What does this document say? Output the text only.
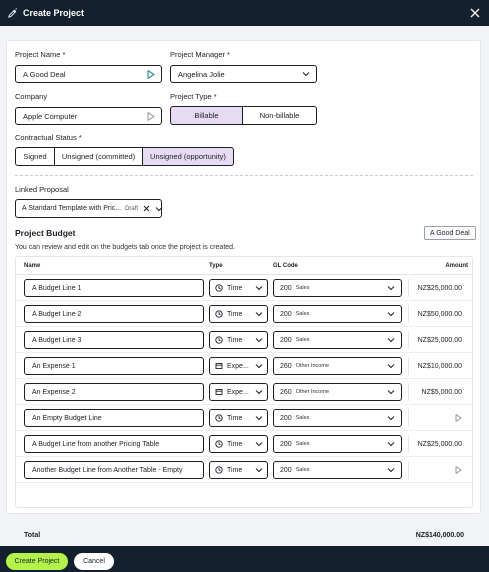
Create Project
Project Name *
A Good Deal
Project Manager *
Angelina Jolie
Company
Apple Computer
Project Type *
Billable	Non-billable
Contractual Status *
Signed	Unsigned (committed)	Unsigned (opportunity)
Linked Proposal
A Standard Template with Pric... Draft
Project Budget	A Good Deal
You can review and edit on the budgets tab once the project is created.
Name	Type	GL Code	Amount
A Budget Line 1	Time	200 Sales	NZ$25,000.00
A Budget Line 2	Time	200 Sales	NZ$50,000.00
A Budget Line 3	Time	200 Sales	NZ$25,000.00
An Expense 1	Expe...	260 Other Income	NZ$10,000.00
An Expense 2	Expe...	260 Other Income	NZ$5,000.00
An Empty Budget Line	Time	200 Sales
A Budget Line from another Pricing Table	Time	200 Sales	NZ$25,000.00
Another Budget Line from Another Table - Empty	Time	200 Sales
Total	NZ$140,000.00
Create Project	Cancel
